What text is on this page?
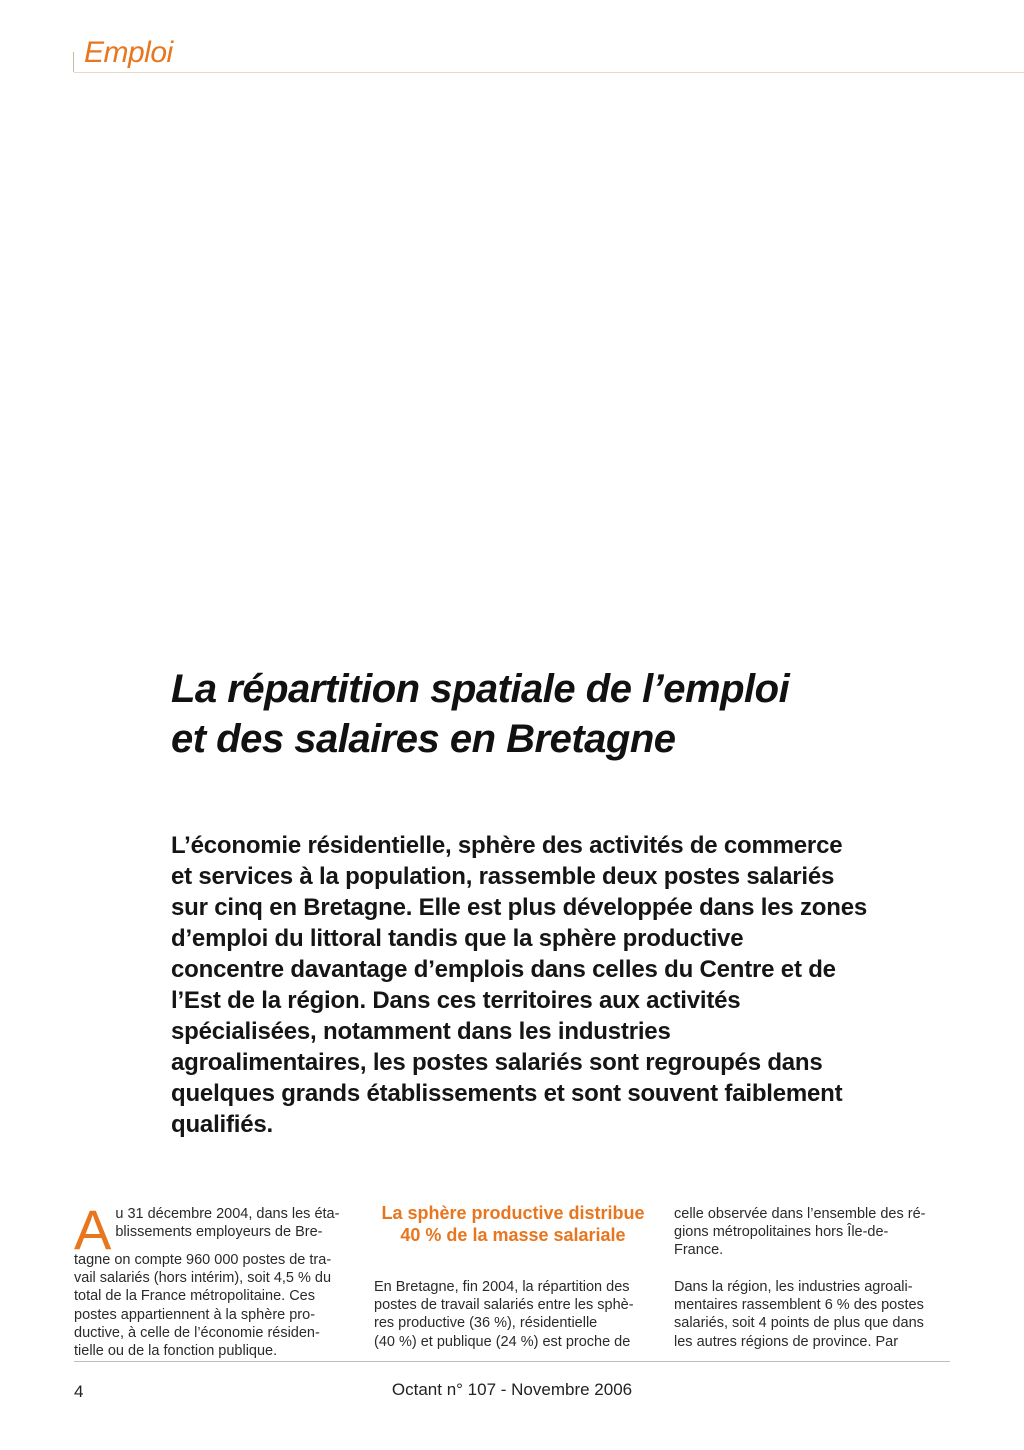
Emploi
La répartition spatiale de l’emploi
et des salaires en Bretagne
L’économie résidentielle, sphère des activités de commerce
et services à la population, rassemble deux postes salariés
sur cinq en Bretagne. Elle est plus développée dans les zones
d’emploi du littoral tandis que la sphère productive
concentre davantage d’emplois dans celles du Centre et de
l’Est de la région. Dans ces territoires aux activités
spécialisées, notamment dans les industries
agroalimentaires, les postes salariés sont regroupés dans
quelques grands établissements et sont souvent faiblement
qualifiés.
A u 31 décembre 2004, dans les éta-
blissements employeurs de Bre-
tagne on compte 960 000 postes de tra-
vail salariés (hors intérim), soit 4,5 % du
total de la France métropolitaine. Ces
postes appartiennent à la sphère pro-
ductive, à celle de l’économie résiden-
tielle ou de la fonction publique.
La sphère productive distribue
40 % de la masse salariale
En Bretagne, fin 2004, la répartition des
postes de travail salariés entre les sphè-
res productive (36 %), résidentielle
(40 %) et publique (24 %) est proche de
celle observée dans l’ensemble des ré-
gions métropolitaines hors Île-de-
France.
Dans la région, les industries agroali-
mentaires rassemblent 6 % des postes
salariés, soit 4 points de plus que dans
les autres régions de province. Par
4	Octant n° 107 - Novembre 2006
